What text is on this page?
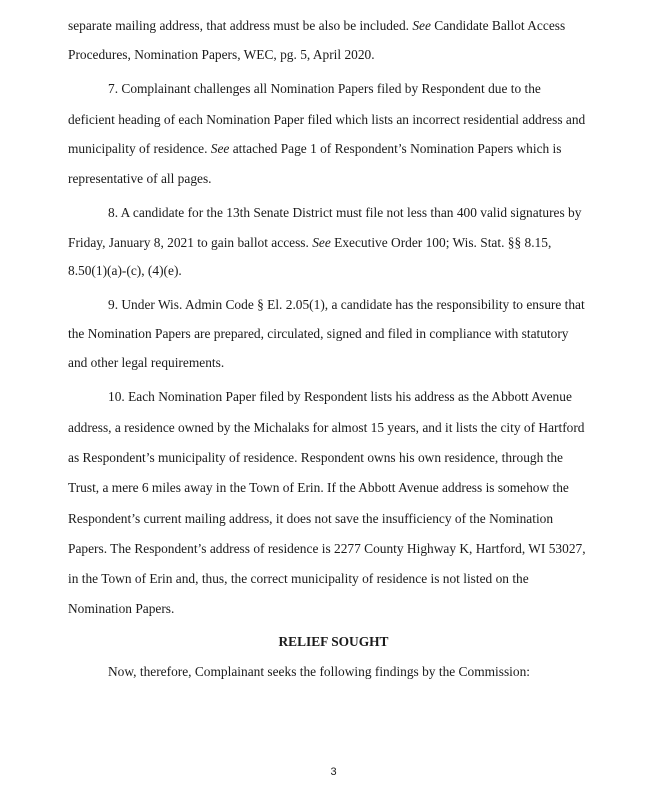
separate mailing address, that address must be also be included. See Candidate Ballot Access
Procedures, Nomination Papers, WEC, pg. 5, April 2020.
7. Complainant challenges all Nomination Papers filed by Respondent due to the
deficient heading of each Nomination Paper filed which lists an incorrect residential address and
municipality of residence. See attached Page 1 of Respondent’s Nomination Papers which is
representative of all pages.
8. A candidate for the 13th Senate District must file not less than 400 valid signatures by
Friday, January 8, 2021 to gain ballot access. See Executive Order 100; Wis. Stat. §§ 8.15,
8.50(1)(a)-(c), (4)(e).
9. Under Wis. Admin Code § El. 2.05(1), a candidate has the responsibility to ensure that
the Nomination Papers are prepared, circulated, signed and filed in compliance with statutory
and other legal requirements.
10. Each Nomination Paper filed by Respondent lists his address as the Abbott Avenue
address, a residence owned by the Michalaks for almost 15 years, and it lists the city of Hartford
as Respondent’s municipality of residence. Respondent owns his own residence, through the
Trust, a mere 6 miles away in the Town of Erin. If the Abbott Avenue address is somehow the
Respondent’s current mailing address, it does not save the insufficiency of the Nomination
Papers. The Respondent’s address of residence is 2277 County Highway K, Hartford, WI 53027,
in the Town of Erin and, thus, the correct municipality of residence is not listed on the
Nomination Papers.
RELIEF SOUGHT
Now, therefore, Complainant seeks the following findings by the Commission:
3
